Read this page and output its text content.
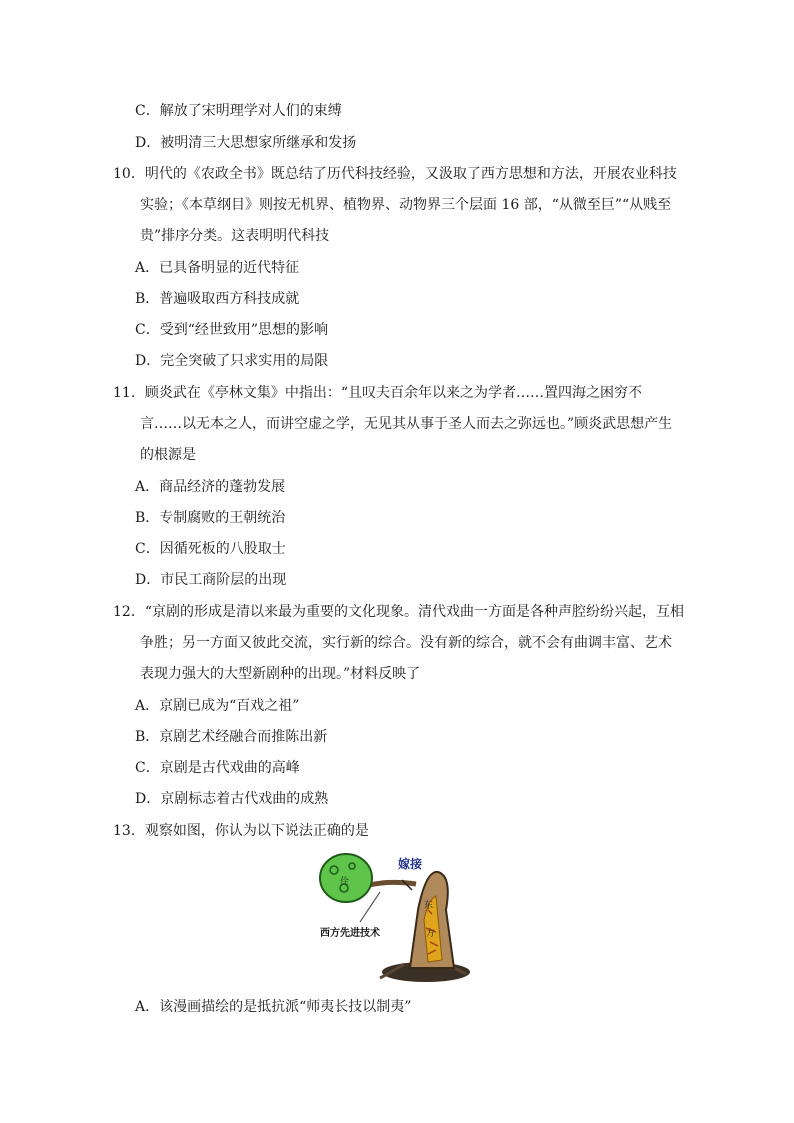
C．解放了宋明理学对人们的束缚
D．被明清三大思想家所继承和发扬
10．明代的《农政全书》既总结了历代科技经验，又汲取了西方思想和方法，开展农业科技
实验；《本草纲目》则按无机界、植物界、动物界三个层面 16 部，“从微至巨”“从贱至
贵”排序分类。这表明明代科技
A．已具备明显的近代特征
B．普遍吸取西方科技成就
C．受到“经世致用”思想的影响
D．完全突破了只求实用的局限
11．顾炎武在《亭林文集》中指出：“且叹夫百余年以来之为学者……置四海之困穷不
言……以无本之人，而讲空虚之学，无见其从事于圣人而去之弥远也。”顾炎武思想产生
的根源是
A．商品经济的蓬勃发展
B．专制腐败的王朝统治
C．因循死板的八股取士
D．市民工商阶层的出现
12．“京剧的形成是清以来最为重要的文化现象。清代戏曲一方面是各种声腔纷纷兴起，互相
争胜；另一方面又彼此交流，实行新的综合。没有新的综合，就不会有曲调丰富、艺术
表现力强大的大型新剧种的出现。”材料反映了
A．京剧已成为“百戏之祖”
B．京剧艺术经融合而推陈出新
C．京剧是古代戏曲的高峰
D．京剧标志着古代戏曲的成熟
13．观察如图，你认为以下说法正确的是
佺
嫁接
西方先进技术
东
方
A．该漫画描绘的是抵抗派“师夷长技以制夷”
